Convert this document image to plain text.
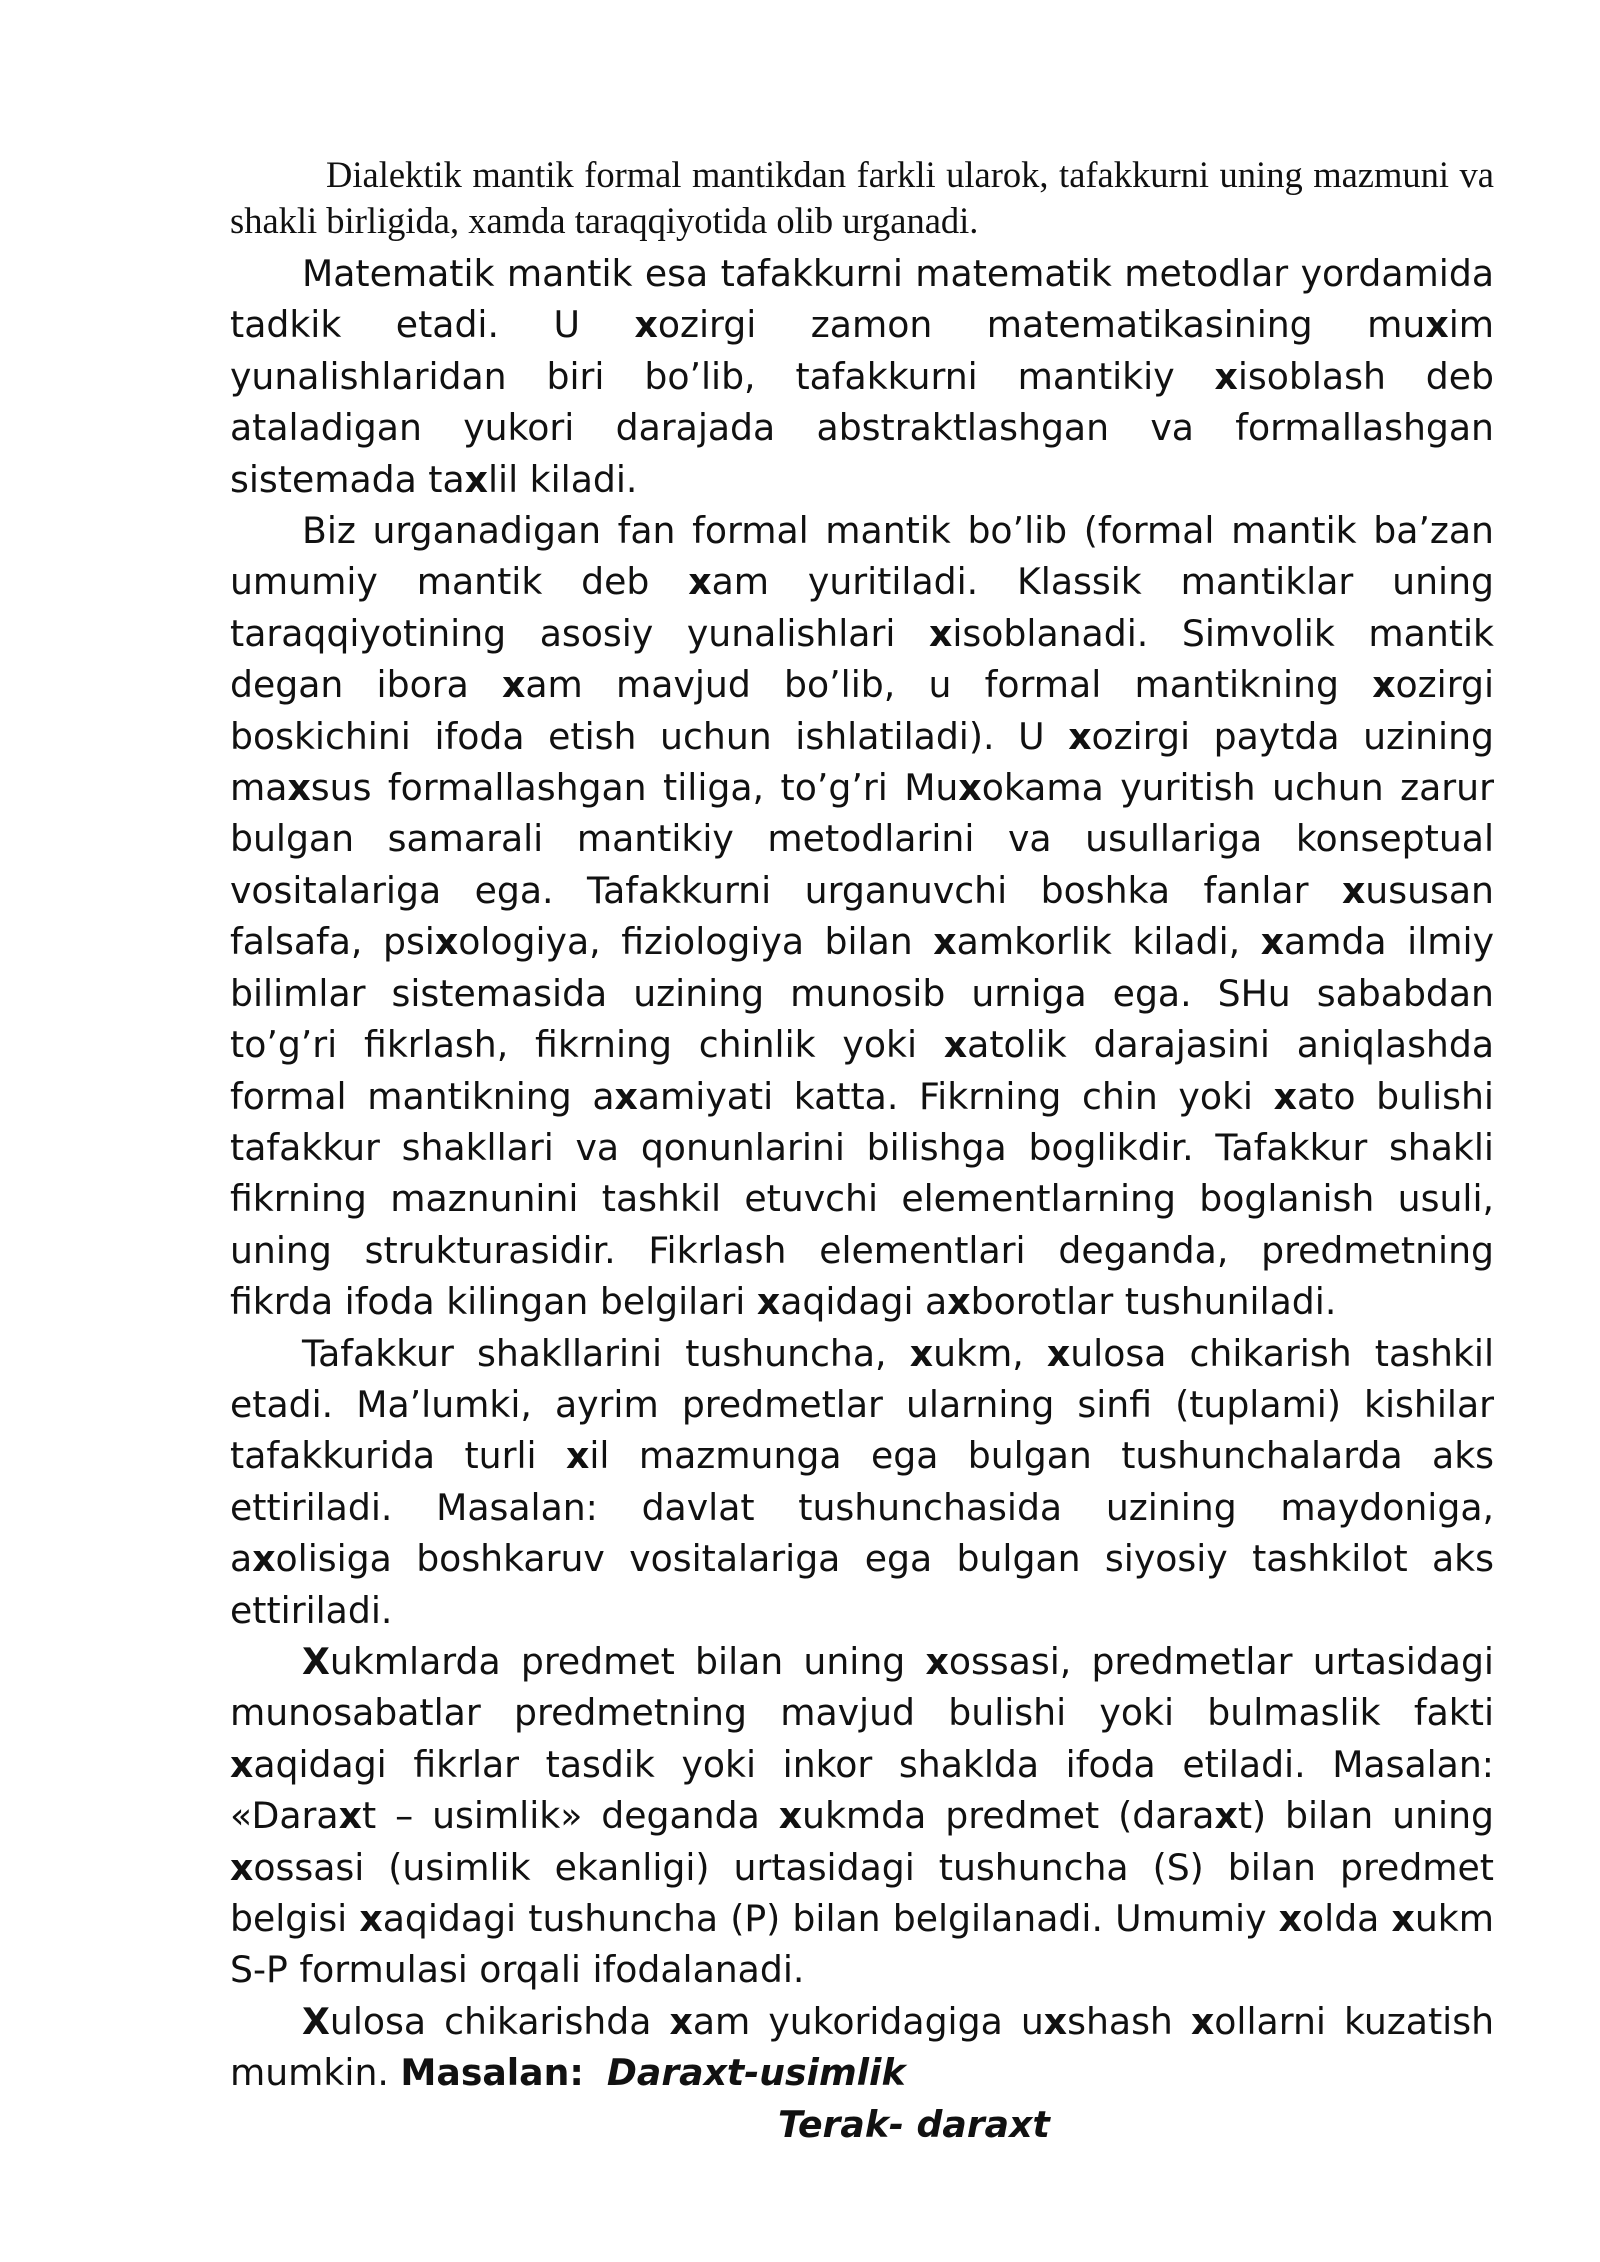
Dialektik mantik formal mantikdan farkli ularok, tafakkurni uning mazmuni va shakli birligida, xamda taraqqiyotida olib urganadi.

Matematik mantik esa tafakkurni matematik metodlar yordamida tadkik etadi. U xozirgi zamon matematikasining muxim yunalishlaridan biri bo’lib, tafakkurni mantikiy xisoblash deb ataladigan yukori darajada abstraktlashgan va formallashgan sistemada taxlil kiladi.

Biz urganadigan fan formal mantik bo’lib (formal mantik ba’zan umumiy mantik deb xam yuritiladi. Klassik mantiklar uning taraqqiyotining asosiy yunalishlari xisoblanadi. Simvolik mantik degan ibora xam mavjud bo’lib, u formal mantikning xozirgi boskichini ifoda etish uchun ishlatiladi). U xozirgi paytda uzining maxsus formallashgan tiliga, to’g’ri Muxokama yuritish uchun zarur bulgan samarali mantikiy metodlarini va usullariga konseptual vositalariga ega. Tafakkurni urganuvchi boshka fanlar xususan falsafa, psixologiya, fiziologiya bilan xamkorlik kiladi, xamda ilmiy bilimlar sistemasida uzining munosib urniga ega. SHu sababdan to’g’ri fikrlash, fikrning chinlik yoki xatolik darajasini aniqlashda formal mantikning axamiyati katta. Fikrning chin yoki xato bulishi tafakkur shakllari va qonunlarini bilishga boglikdir. Tafakkur shakli fikrning maznunini tashkil etuvchi elementlarning boglanish usuli, uning strukturasidir. Fikrlash elementlari deganda, predmetning fikrda ifoda kilingan belgilari xaqidagi axborotlar tushuniladi.

Tafakkur shakllarini tushuncha, xukm, xulosa chikarish tashkil etadi. Ma’lumki, ayrim predmetlar ularning sinfi (tuplami) kishilar tafakkurida turli xil mazmunga ega bulgan tushunchalarda aks ettiriladi. Masalan: davlat tushunchasida uzining maydoniga, axolisiga boshkaruv vositalariga ega bulgan siyosiy tashkilot aks ettiriladi.

Xukmlarda predmet bilan uning xossasi, predmetlar urtasidagi munosabatlar predmetning mavjud bulishi yoki bulmaslik fakti xaqidagi fikrlar tasdik yoki inkor shaklda ifoda etiladi. Masalan: «Daraxt – usimlik» deganda xukmda predmet (daraxt) bilan uning xossasi (usimlik ekanligi) urtasidagi tushuncha (S) bilan predmet belgisi xaqidagi tushuncha (P) bilan belgilanadi. Umumiy xolda xukm S-P formulasi orqali ifodalanadi.

Xulosa chikarishda xam yukoridagiga uxshash xollarni kuzatish mumkin. Masalan: Daraxt-usimlik

Terak- daraxt
